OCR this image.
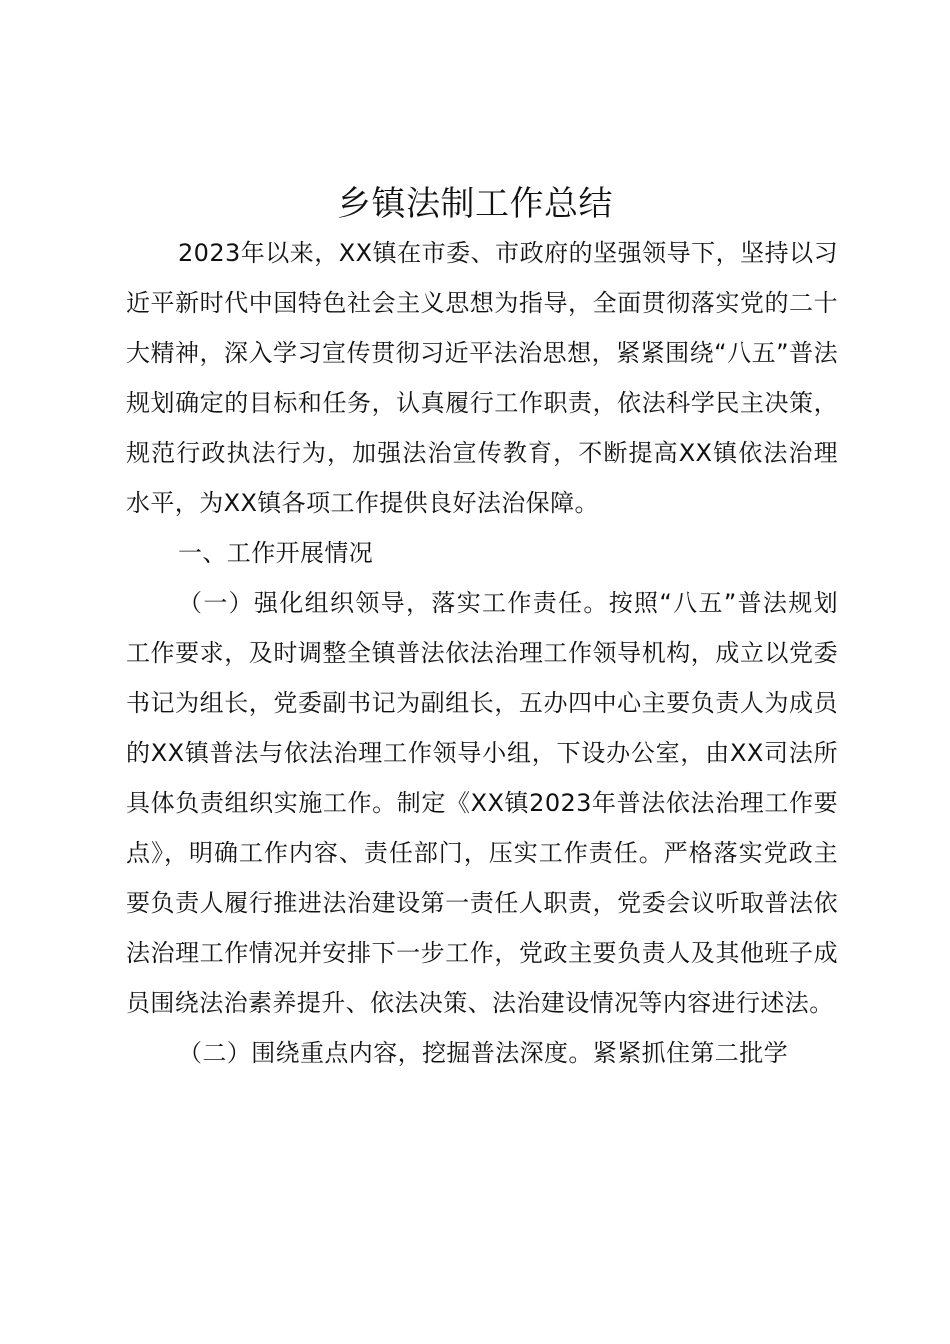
乡镇法制工作总结

2023年以来，XX镇在市委、市政府的坚强领导下，坚持以习近平新时代中国特色社会主义思想为指导，全面贯彻落实党的二十大精神，深入学习宣传贯彻习近平法治思想，紧紧围绕“八五”普法规划确定的目标和任务，认真履行工作职责，依法科学民主决策，规范行政执法行为，加强法治宣传教育，不断提高XX镇依法治理水平，为XX镇各项工作提供良好法治保障。

一、工作开展情况

（一）强化组织领导，落实工作责任。按照“八五”普法规划工作要求，及时调整全镇普法依法治理工作领导机构，成立以党委书记为组长，党委副书记为副组长，五办四中心主要负责人为成员的XX镇普法与依法治理工作领导小组，下设办公室，由XX司法所具体负责组织实施工作。制定《XX镇2023年普法依法治理工作要点》，明确工作内容、责任部门，压实工作责任。严格落实党政主要负责人履行推进法治建设第一责任人职责，党委会议听取普法依法治理工作情况并安排下一步工作，党政主要负责人及其他班子成员围绕法治素养提升、依法决策、法治建设情况等内容进行述法。

（二）围绕重点内容，挖掘普法深度。紧紧抓住第二批学
